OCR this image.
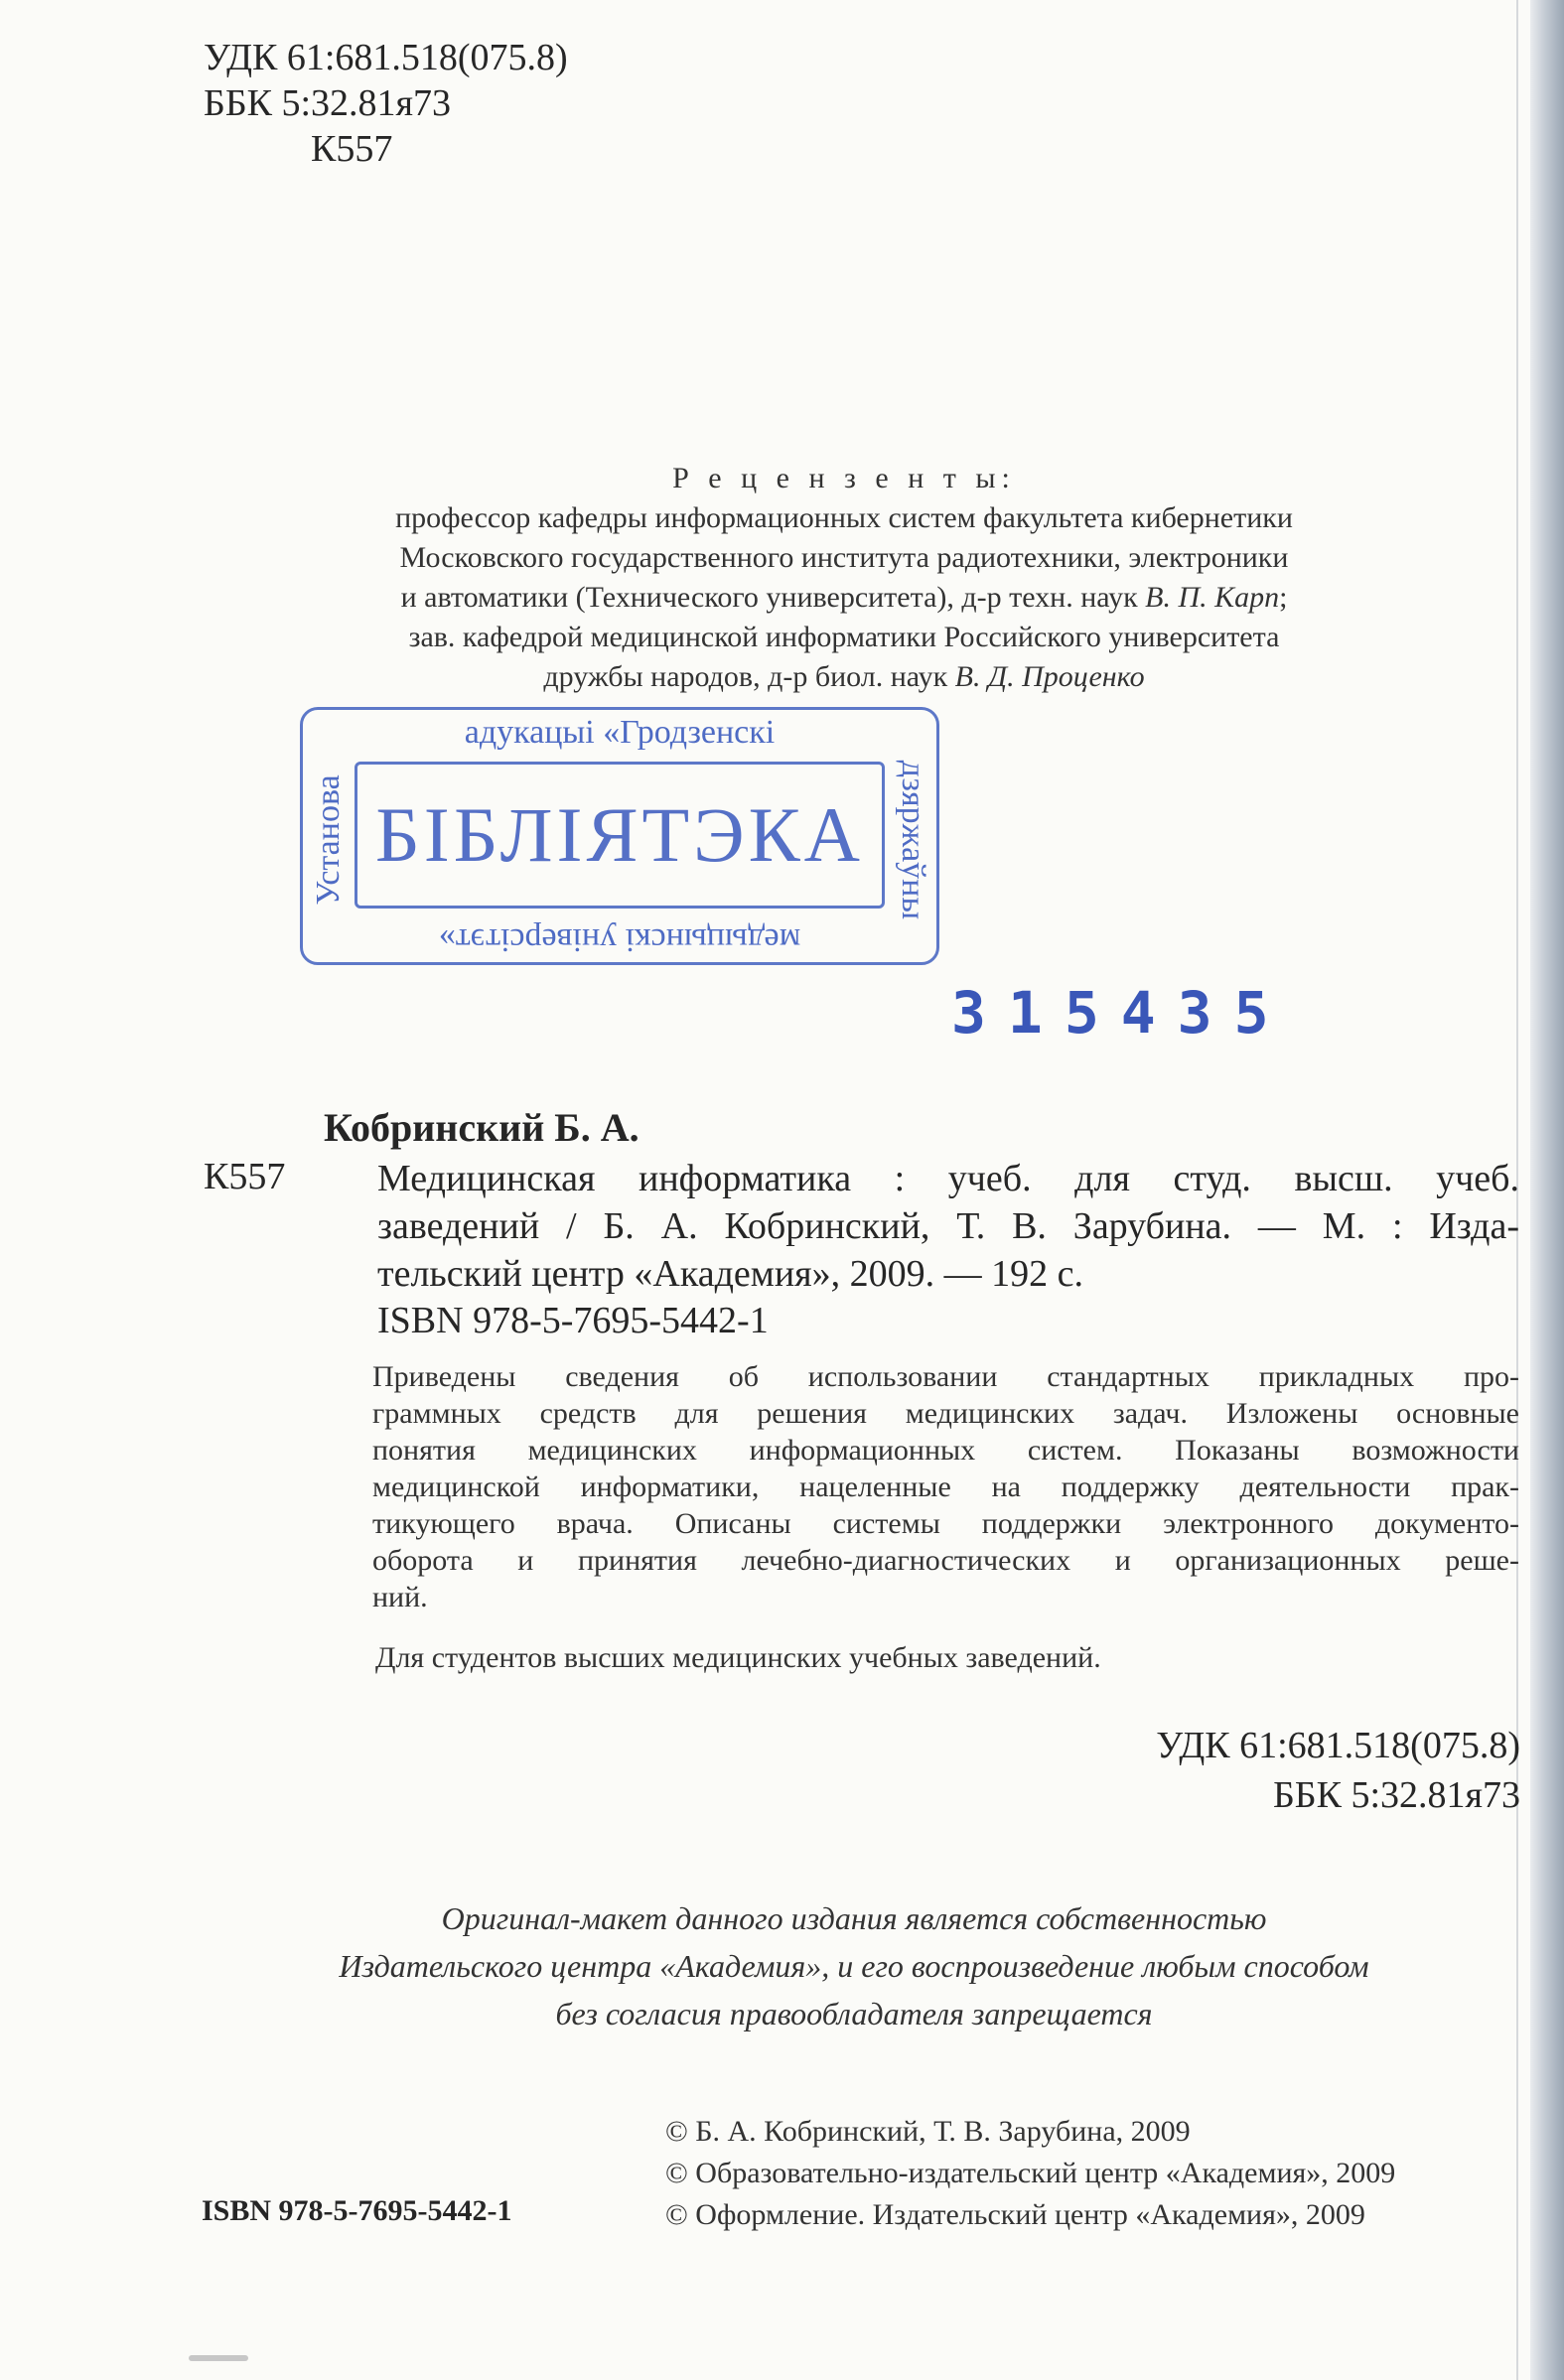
УДК 61:681.518(075.8)
ББК 5:32.81я73
К557
Р е ц е н з е н т ы:
профессор кафедры информационных систем факультета кибернетики
Московского государственного института радиотехники, электроники
и автоматики (Технического университета), д-р техн. наук В. П. Карп;
зав. кафедрой медицинской информатики Российского университета
дружбы народов, д-р биол. наук В. Д. Проценко
адукацыі «Гродзенскі
Установа	дзяржаўны
БІБЛІЯТЭКА
медыцынскі універсітэт»
315435
Кобринский Б. А.
К557 Медицинская информатика : учеб. для студ. высш. учеб.
заведений / Б. А. Кобринский, Т. В. Зарубина. — М. : Изда-
тельский центр «Академия», 2009. — 192 с.
ISBN 978-5-7695-5442-1
Приведены сведения об использовании стандартных прикладных про-
граммных средств для решения медицинских задач. Изложены основные
понятия медицинских информационных систем. Показаны возможности
медицинской информатики, нацеленные на поддержку деятельности прак-
тикующего врача. Описаны системы поддержки электронного документо-
оборота и принятия лечебно-диагностических и организационных реше-
ний.
Для студентов высших медицинских учебных заведений.
УДК 61:681.518(075.8)
ББК 5:32.81я73
Оригинал-макет данного издания является собственностью
Издательского центра «Академия», и его воспроизведение любым способом
без согласия правообладателя запрещается
© Б. А. Кобринский, Т. В. Зарубина, 2009
© Образовательно-издательский центр «Академия», 2009
© Оформление. Издательский центр «Академия», 2009
ISBN 978-5-7695-5442-1
